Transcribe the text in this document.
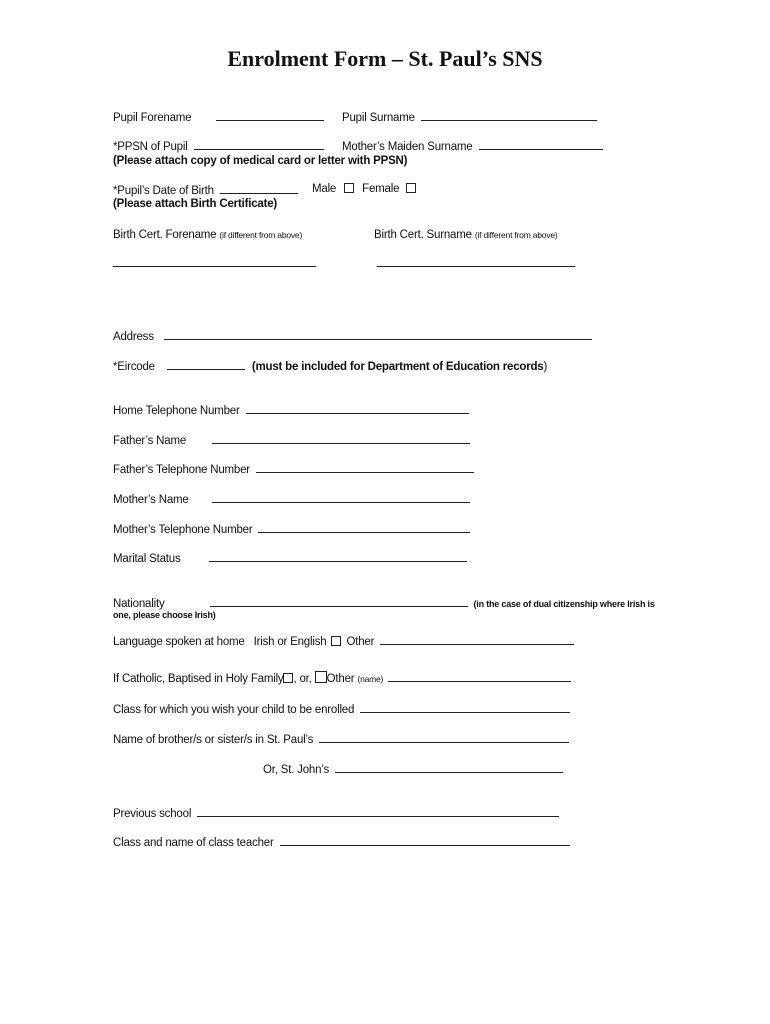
Enrolment Form – St. Paul’s SNS
Pupil Forename	Pupil Surname
*PPSN of Pupil	Mother’s Maiden Surname
(Please attach copy of medical card or letter with PPSN)
*Pupil’s Date of Birth	Male Female
(Please attach Birth Certificate)
Birth Cert. Forename (if different from above)	Birth Cert. Surname (if different from above)
Address
*Eircode	(must be included for Department of Education records)
Home Telephone Number
Father’s Name
Father’s Telephone Number
Mother’s Name
Mother’s Telephone Number
Marital Status
Nationality	(in the case of dual citizenship where Irish is
one, please choose Irish)
Language spoken at home Irish or English Other
If Catholic, Baptised in Holy Family , or, Other (name)
Class for which you wish your child to be enrolled
Name of brother/s or sister/s in St. Paul’s
Or, St. John’s
Previous school
Class and name of class teacher
